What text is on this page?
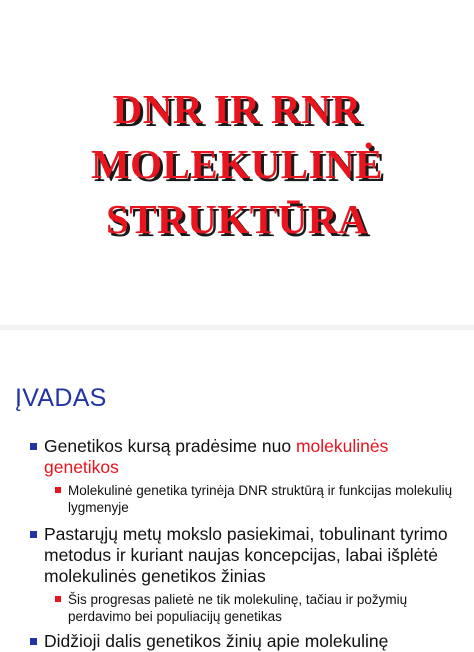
DNR IR RNR
MOLEKULINĖ
STRUKTŪRA
ĮVADAS
Genetikos kursą pradėsime nuo molekulinės genetikos
Molekulinė genetika tyrinėja DNR struktūrą ir funkcijas molekulių lygmenyje
Pastarųjų metų mokslo pasiekimai, tobulinant tyrimo metodus ir kuriant naujas koncepcijas, labai išplėtė molekulinės genetikos žinias
Šis progresas palietė ne tik molekulinę, tačiau ir požymių perdavimo bei populiacijų genetikas
Didžioji dalis genetikos žinių apie molekulinę
